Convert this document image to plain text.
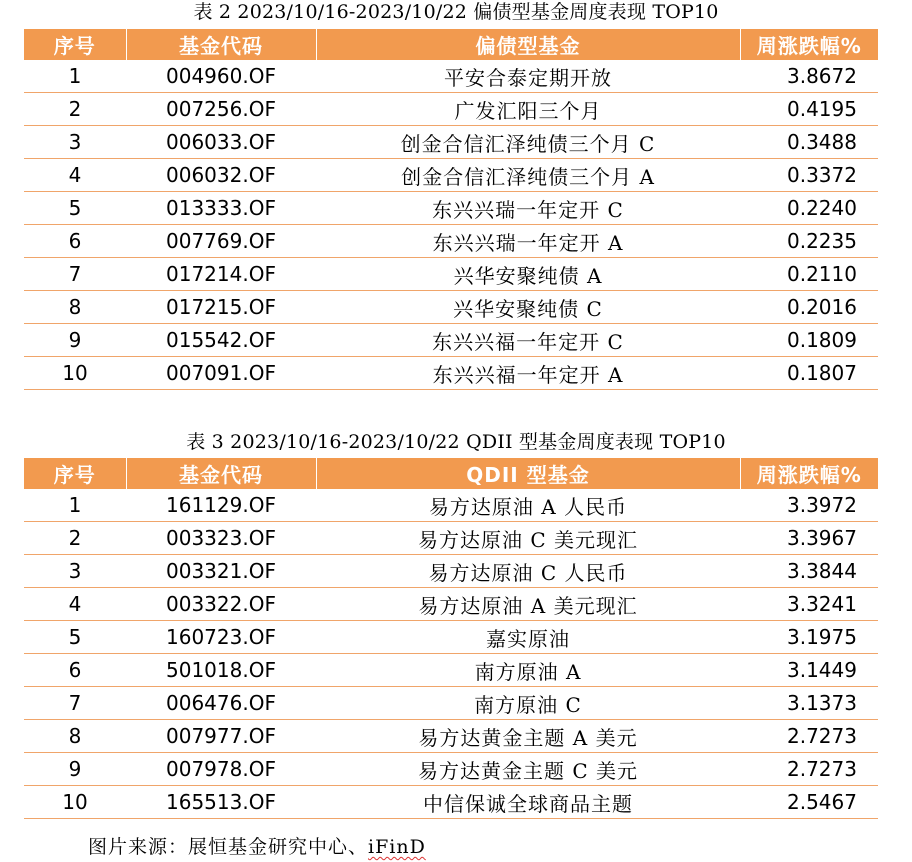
表 2 2023/10/16-2023/10/22 偏债型基金周度表现 TOP10
序号	基金代码	偏债型基金	周涨跌幅%
1	004960.OF	平安合泰定期开放	3.8672
2	007256.OF	广发汇阳三个月	0.4195
3	006033.OF	创金合信汇泽纯债三个月 C	0.3488
4	006032.OF	创金合信汇泽纯债三个月 A	0.3372
5	013333.OF	东兴兴瑞一年定开 C	0.2240
6	007769.OF	东兴兴瑞一年定开 A	0.2235
7	017214.OF	兴华安聚纯债 A	0.2110
8	017215.OF	兴华安聚纯债 C	0.2016
9	015542.OF	东兴兴福一年定开 C	0.1809
10	007091.OF	东兴兴福一年定开 A	0.1807
表 3 2023/10/16-2023/10/22 QDII 型基金周度表现 TOP10
序号	基金代码	QDII 型基金	周涨跌幅%
1	161129.OF	易方达原油 A 人民币	3.3972
2	003323.OF	易方达原油 C 美元现汇	3.3967
3	003321.OF	易方达原油 C 人民币	3.3844
4	003322.OF	易方达原油 A 美元现汇	3.3241
5	160723.OF	嘉实原油	3.1975
6	501018.OF	南方原油 A	3.1449
7	006476.OF	南方原油 C	3.1373
8	007977.OF	易方达黄金主题 A 美元	2.7273
9	007978.OF	易方达黄金主题 C 美元	2.7273
10	165513.OF	中信保诚全球商品主题	2.5467
图片来源：展恒基金研究中心、iFinD
